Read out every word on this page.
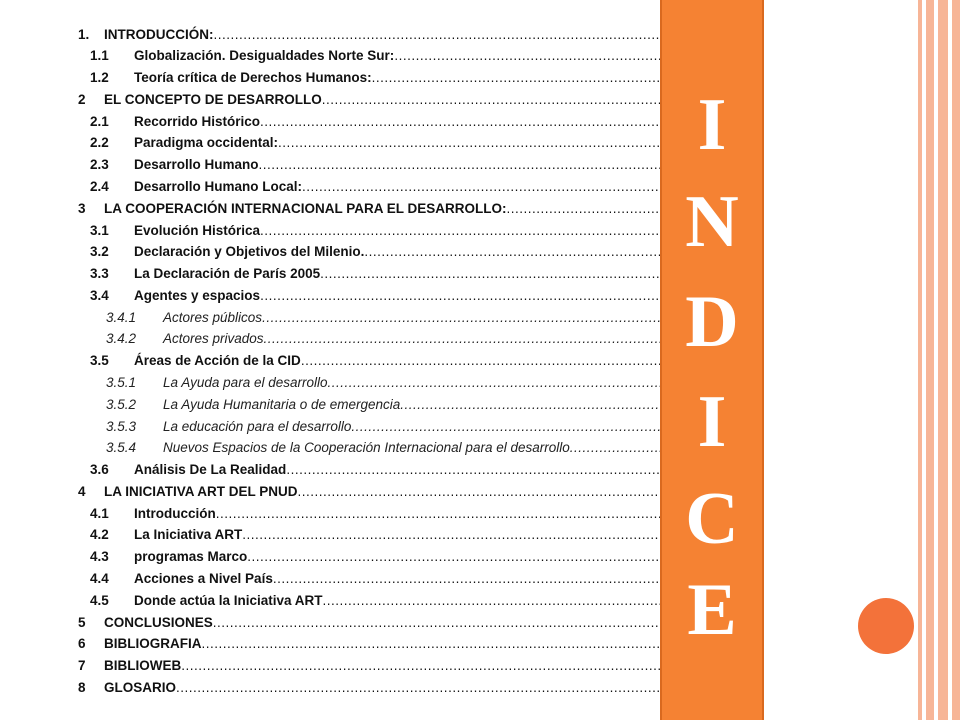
1. INTRODUCCIÓN:
.....
1.1 Globalización. Desigualdades Norte Sur:
.....
1.2 Teoría crítica de Derechos Humanos:
.....
2 EL CONCEPTO DE DESARROLLO
.....
2.1 Recorrido Histórico
.....
2.2 Paradigma occidental:
.....
2.3 Desarrollo Humano
.....
2.4 Desarrollo Humano Local:
.....
3 LA COOPERACIÓN INTERNACIONAL PARA EL DESARROLLO:
.....
3.1 Evolución Histórica
.....
3.2 Declaración y Objetivos del Milenio.
.....
3.3 La Declaración de París 2005
.....
3.4 Agentes y espacios
.....
3.4.1 Actores públicos
.....
3.4.2 Actores privados
.....
3.5 Áreas de Acción de la CID
.....
3.5.1 La Ayuda para el desarrollo
.....
3.5.2 La Ayuda Humanitaria o de emergencia
.....
3.5.3 La educación para el desarrollo
.....
3.5.4 Nuevos Espacios de la Cooperación Internacional para el desarrollo
.....
3.6 Análisis De La Realidad
.....
4 LA INICIATIVA ART DEL PNUD
.....
4.1 Introducción
.....
4.2 La Iniciativa ART
.....
4.3 programas Marco
.....
4.4 Acciones a Nivel País
.....
4.5 Donde actúa la Iniciativa ART
.....
5 CONCLUSIONES
.....
6 BIBLIOGRAFIA
.....
7 BIBLIOWEB
.....
8 GLOSARIO
.....
I
N
D
I
C
E
